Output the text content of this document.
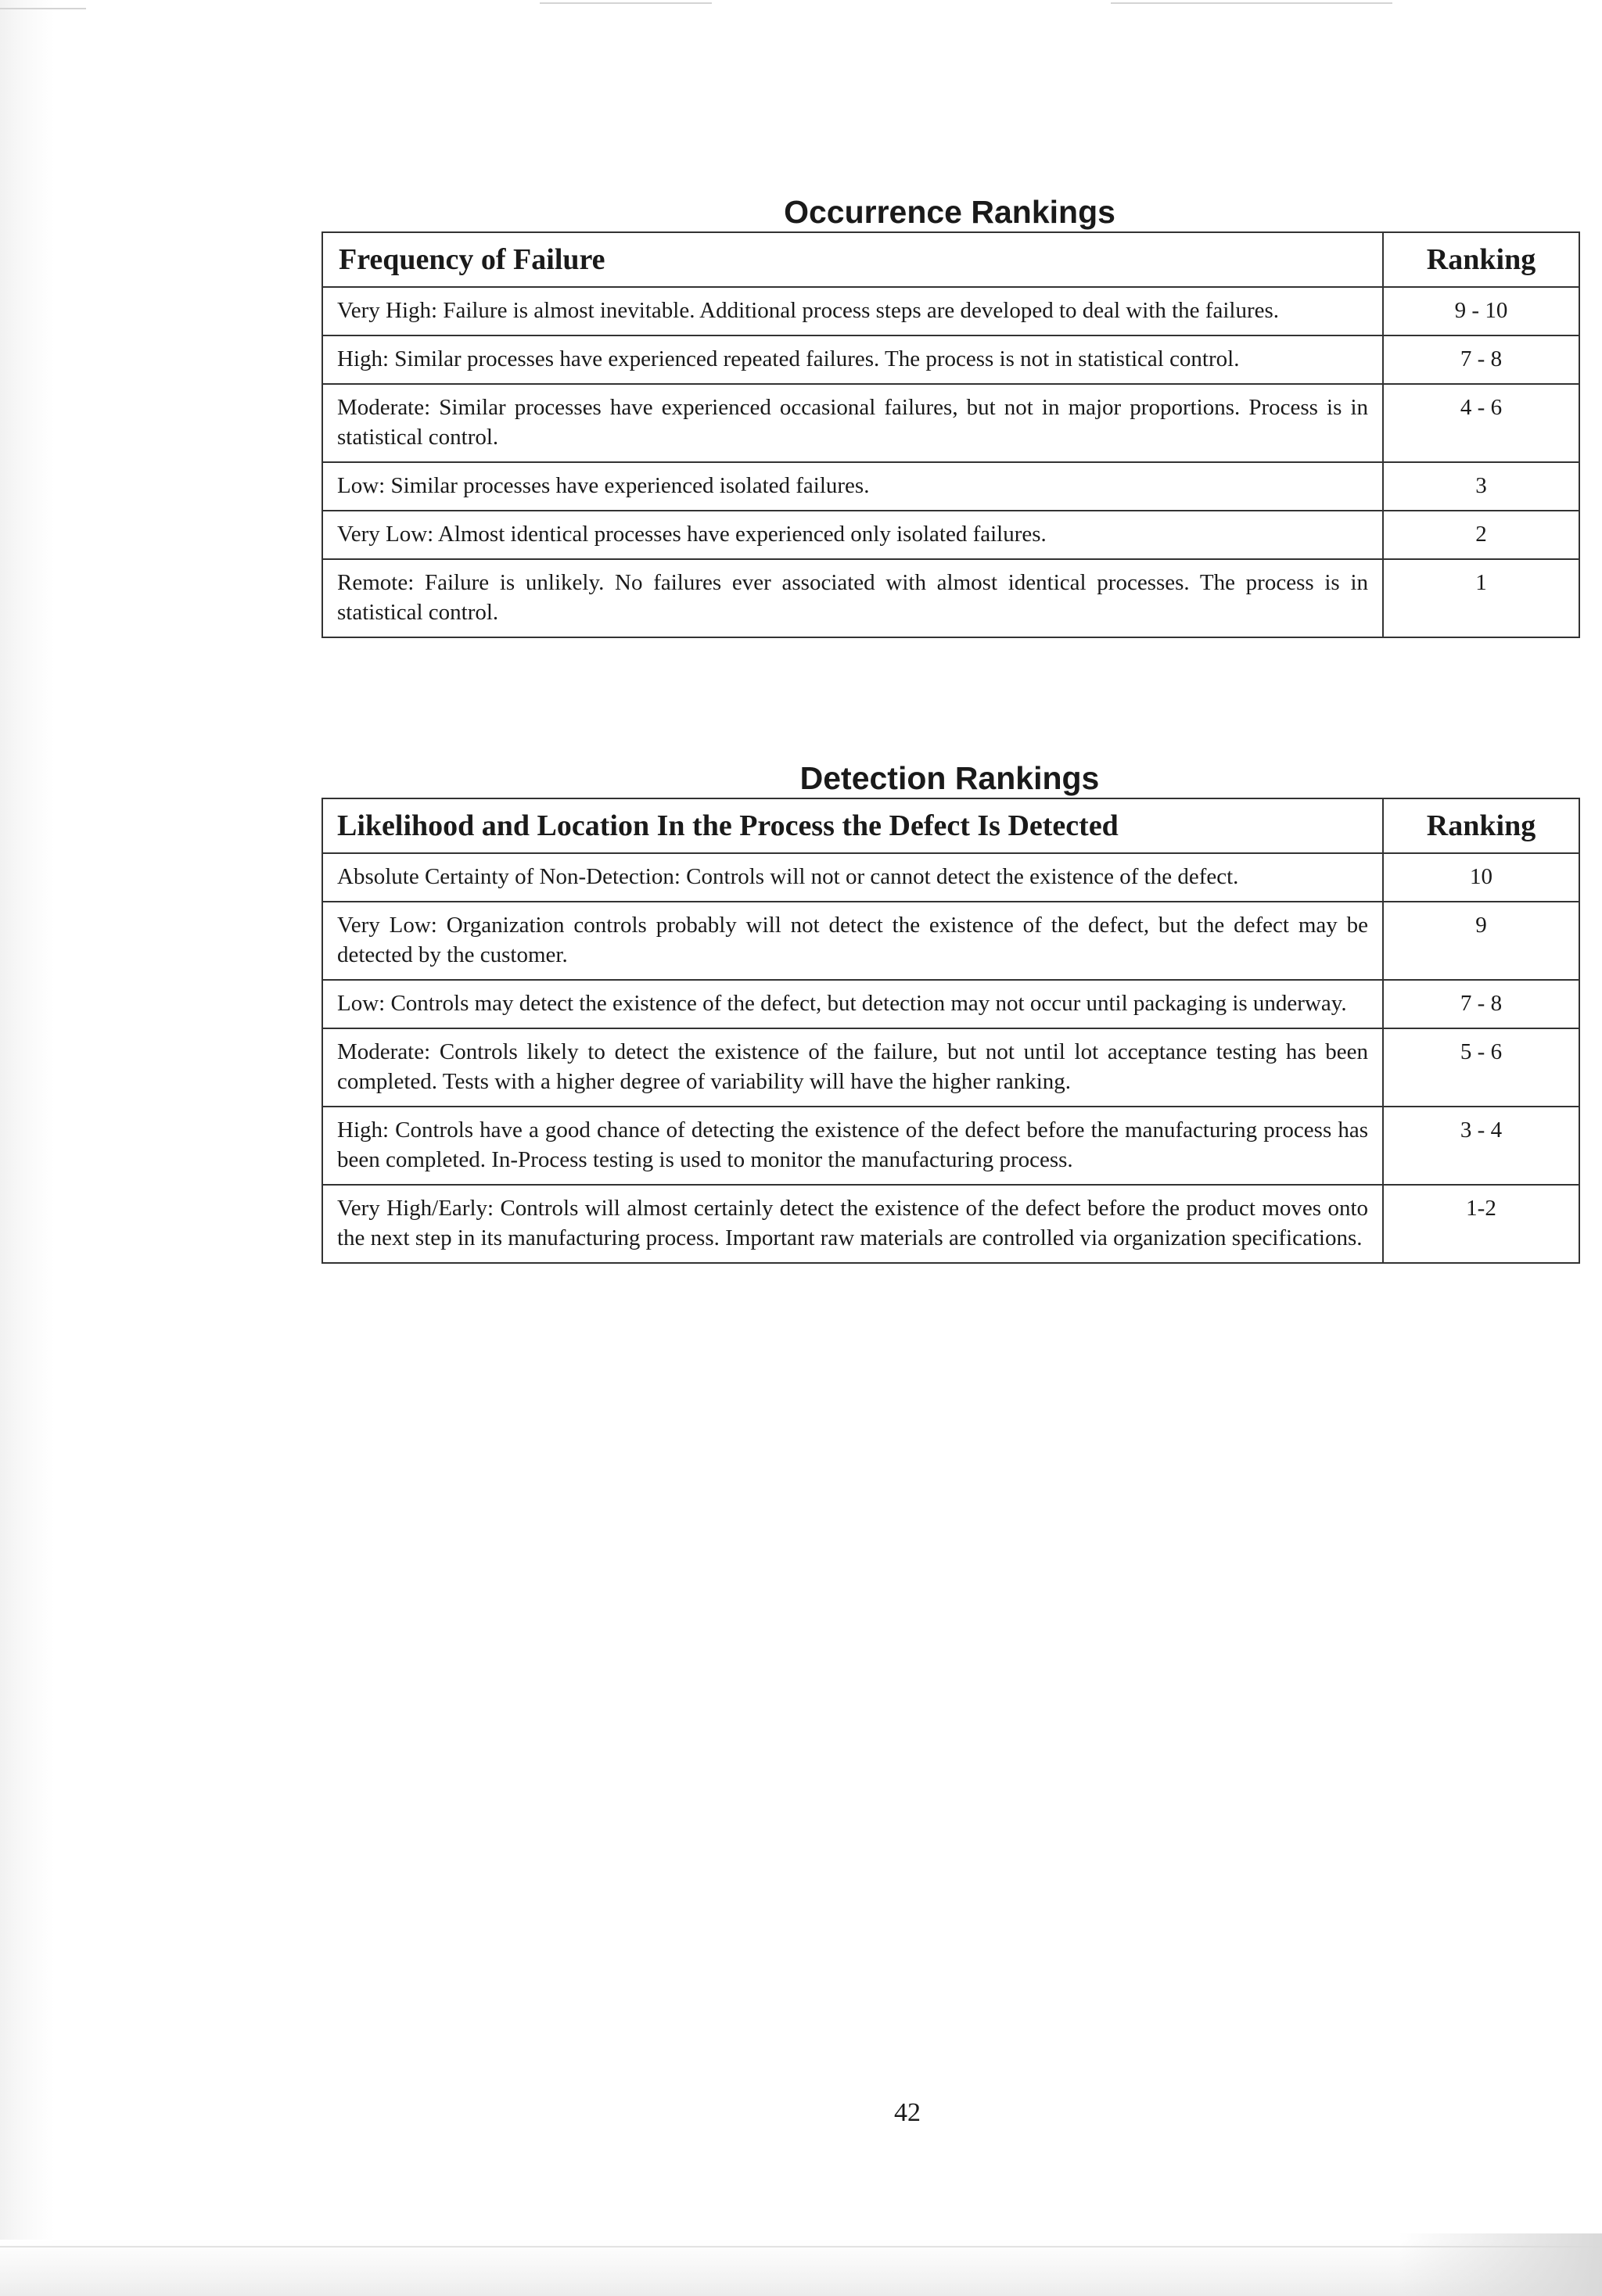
Occurrence Rankings
Frequency of Failure	Ranking
Very High: Failure is almost inevitable. Additional process steps are developed to deal with the failures.	9 - 10
High: Similar processes have experienced repeated failures. The process is not in statistical control.	7 - 8
Moderate: Similar processes have experienced occasional failures, but not in major proportions. Process is in statistical control.	4 - 6
Low: Similar processes have experienced isolated failures.	3
Very Low: Almost identical processes have experienced only isolated failures.	2
Remote: Failure is unlikely. No failures ever associated with almost identical processes. The process is in statistical control.	1
Detection Rankings
Likelihood and Location In the Process the Defect Is Detected	Ranking
Absolute Certainty of Non-Detection: Controls will not or cannot detect the existence of the defect.	10
Very Low: Organization controls probably will not detect the existence of the defect, but the defect may be detected by the customer.	9
Low: Controls may detect the existence of the defect, but detection may not occur until packaging is underway.	7 - 8
Moderate: Controls likely to detect the existence of the failure, but not until lot acceptance testing has been completed. Tests with a higher degree of variability will have the higher ranking.	5 - 6
High: Controls have a good chance of detecting the existence of the defect before the manufacturing process has been completed. In-Process testing is used to monitor the manufacturing process.	3 - 4
Very High/Early: Controls will almost certainly detect the existence of the defect before the product moves onto the next step in its manufacturing process. Important raw materials are controlled via organization specifications.	1-2
42
